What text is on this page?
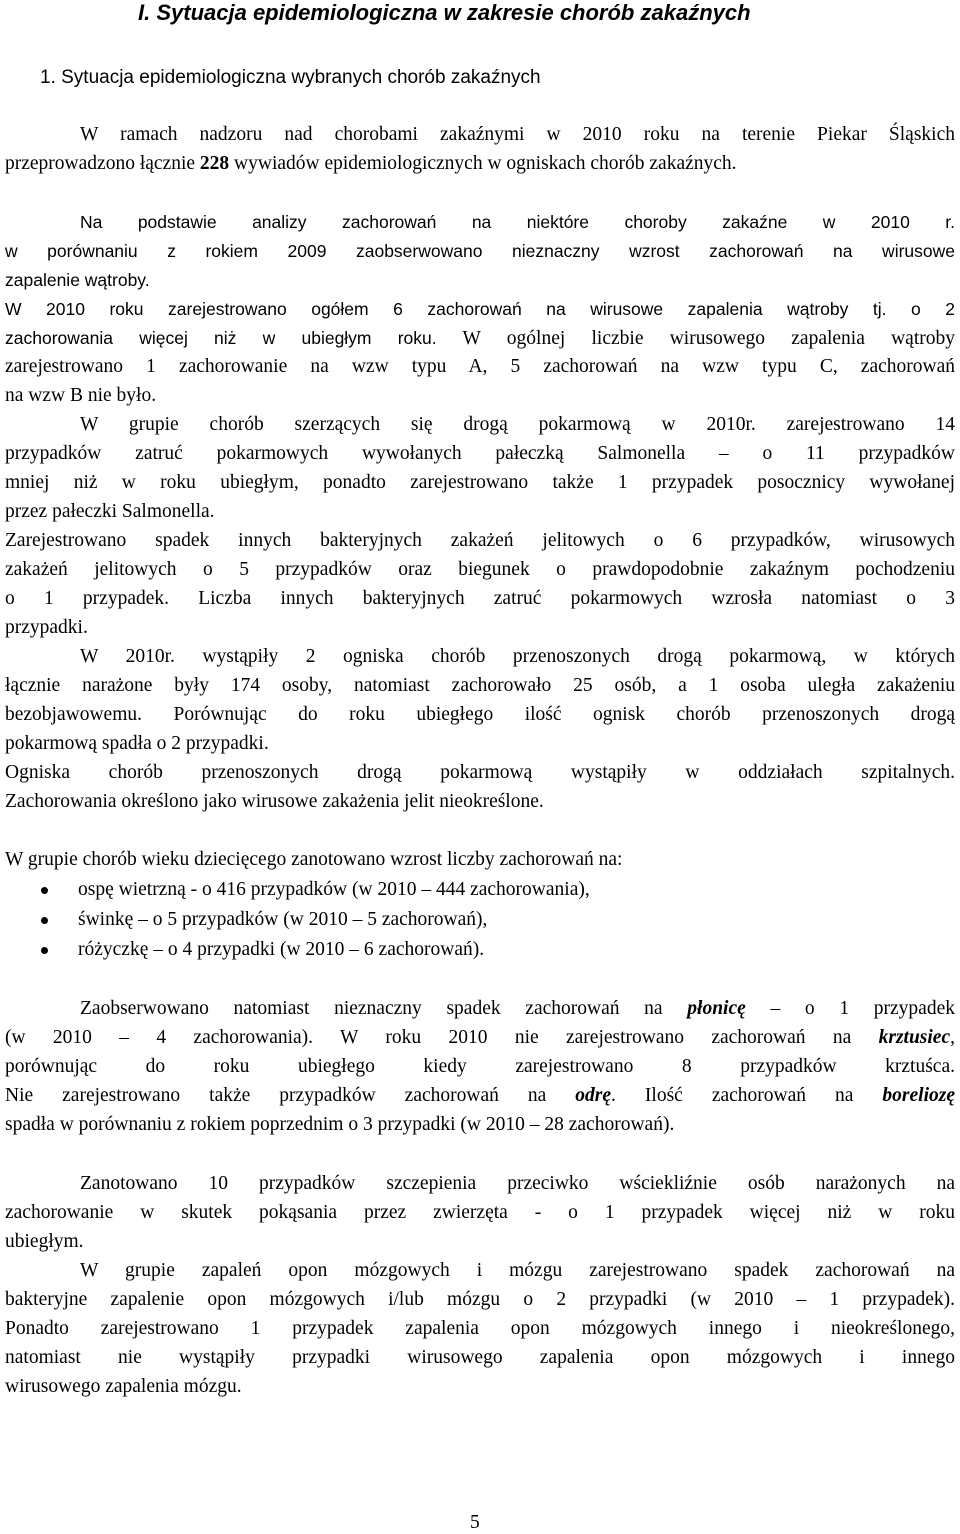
I. Sytuacja epidemiologiczna w zakresie chorób zakaźnych
1. Sytuacja epidemiologiczna wybranych chorób zakaźnych
W ramach nadzoru nad chorobami zakaźnymi w 2010 roku na terenie Piekar Śląskich
przeprowadzono łącznie 228 wywiadów epidemiologicznych w ogniskach chorób zakaźnych.
Na podstawie analizy zachorowań na niektóre choroby zakaźne w 2010 r.
w porównaniu z rokiem 2009 zaobserwowano nieznaczny wzrost zachorowań na wirusowe
zapalenie wątroby.
W 2010 roku zarejestrowano ogółem 6 zachorowań na wirusowe zapalenia wątroby tj. o 2
zachorowania więcej niż w ubiegłym roku. W ogólnej liczbie wirusowego zapalenia wątroby
zarejestrowano 1 zachorowanie na wzw typu A, 5 zachorowań na wzw typu C, zachorowań
na wzw B nie było.
W grupie chorób szerzących się drogą pokarmową w 2010r. zarejestrowano 14
przypadków zatruć pokarmowych wywołanych pałeczką Salmonella – o 11 przypadków
mniej niż w roku ubiegłym, ponadto zarejestrowano także 1 przypadek posocznicy wywołanej
przez pałeczki Salmonella.
Zarejestrowano spadek innych bakteryjnych zakażeń jelitowych o 6 przypadków, wirusowych
zakażeń jelitowych o 5 przypadków oraz biegunek o prawdopodobnie zakaźnym pochodzeniu
o 1 przypadek. Liczba innych bakteryjnych zatruć pokarmowych wzrosła natomiast o 3
przypadki.
W 2010r. wystąpiły 2 ogniska chorób przenoszonych drogą pokarmową, w których
łącznie narażone były 174 osoby, natomiast zachorowało 25 osób, a 1 osoba uległa zakażeniu
bezobjawowemu. Porównując do roku ubiegłego ilość ognisk chorób przenoszonych drogą
pokarmową spadła o 2 przypadki.
Ogniska chorób przenoszonych drogą pokarmową wystąpiły w oddziałach szpitalnych.
Zachorowania określono jako wirusowe zakażenia jelit nieokreślone.
W grupie chorób wieku dziecięcego zanotowano wzrost liczby zachorowań na:
ospę wietrzną - o 416 przypadków (w 2010 – 444 zachorowania),
świnkę – o 5 przypadków (w 2010 – 5 zachorowań),
różyczkę – o 4 przypadki (w 2010 – 6 zachorowań).
Zaobserwowano natomiast nieznaczny spadek zachorowań na płonicę – o 1 przypadek
(w 2010 – 4 zachorowania). W roku 2010 nie zarejestrowano zachorowań na krztusiec,
porównując do roku ubiegłego kiedy zarejestrowano 8 przypadków krztuśca.
Nie zarejestrowano także przypadków zachorowań na odrę. Ilość zachorowań na boreliozę
spadła w porównaniu z rokiem poprzednim o 3 przypadki (w 2010 – 28 zachorowań).
Zanotowano 10 przypadków szczepienia przeciwko wściekliźnie osób narażonych na
zachorowanie w skutek pokąsania przez zwierzęta - o 1 przypadek więcej niż w roku
ubiegłym.
W grupie zapaleń opon mózgowych i mózgu zarejestrowano spadek zachorowań na
bakteryjne zapalenie opon mózgowych i/lub mózgu o 2 przypadki (w 2010 – 1 przypadek).
Ponadto zarejestrowano 1 przypadek zapalenia opon mózgowych innego i nieokreślonego,
natomiast nie wystąpiły przypadki wirusowego zapalenia opon mózgowych i innego
wirusowego zapalenia mózgu.
5
